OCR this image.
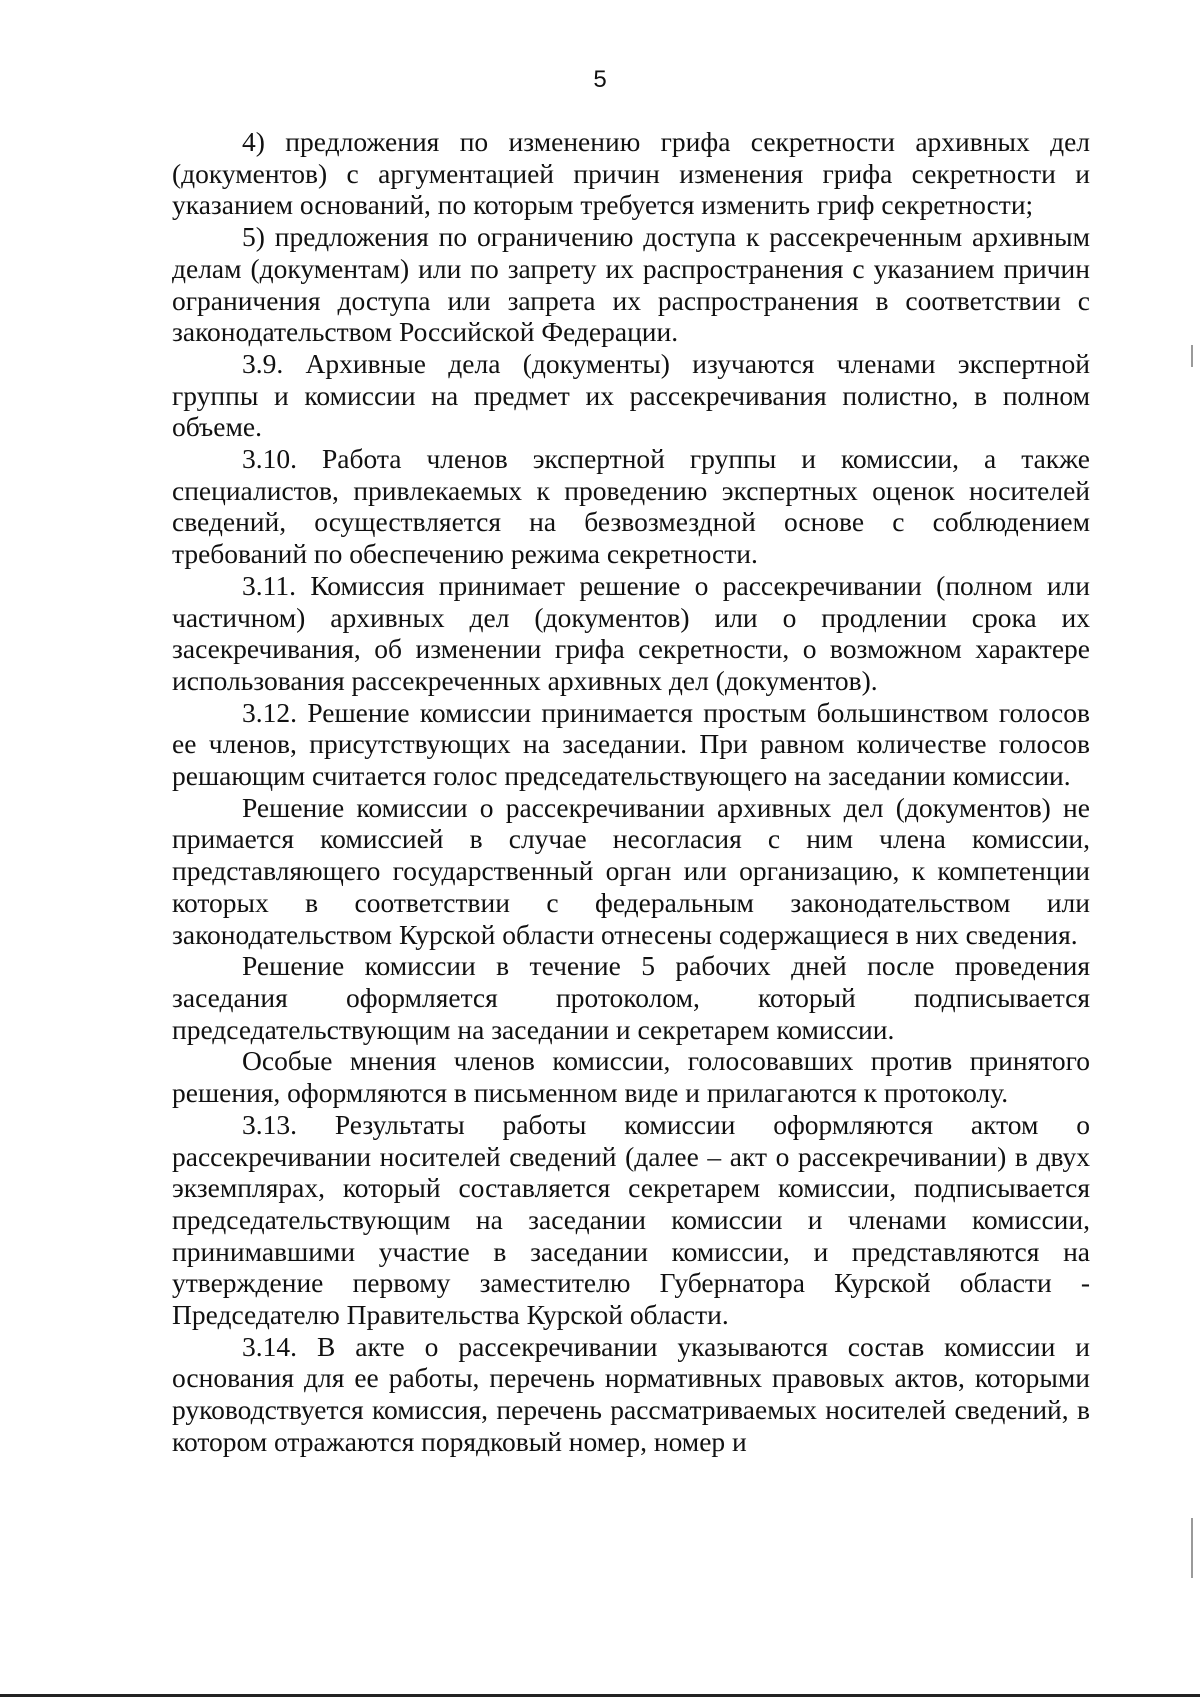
5

4) предложения по изменению грифа секретности архивных дел (документов) с аргументацией причин изменения грифа секретности и указанием оснований, по которым требуется изменить гриф секретности;

5) предложения по ограничению доступа к рассекреченным архивным делам (документам) или по запрету их распространения с указанием причин ограничения доступа или запрета их распространения в соответствии с законодательством Российской Федерации.

3.9. Архивные дела (документы) изучаются членами экспертной группы и комиссии на предмет их рассекречивания полистно, в полном объеме.

3.10. Работа членов экспертной группы и комиссии, а также специалистов, привлекаемых к проведению экспертных оценок носителей сведений, осуществляется на безвозмездной основе с соблюдением требований по обеспечению режима секретности.

3.11. Комиссия принимает решение о рассекречивании (полном или частичном) архивных дел (документов) или о продлении срока их засекречивания, об изменении грифа секретности, о возможном характере использования рассекреченных архивных дел (документов).

3.12. Решение комиссии принимается простым большинством голосов ее членов, присутствующих на заседании. При равном количестве голосов решающим считается голос председательствующего на заседании комиссии.

Решение комиссии о рассекречивании архивных дел (документов) не примается комиссией в случае несогласия с ним члена комиссии, представляющего государственный орган или организацию, к компетенции которых в соответствии с федеральным законодательством или законодательством Курской области отнесены содержащиеся в них сведения.

Решение комиссии в течение 5 рабочих дней после проведения заседания оформляется протоколом, который подписывается председательствующим на заседании и секретарем комиссии.

Особые мнения членов комиссии, голосовавших против принятого решения, оформляются в письменном виде и прилагаются к протоколу.

3.13. Результаты работы комиссии оформляются актом о рассекречивании носителей сведений (далее – акт о рассекречивании) в двух экземплярах, который составляется секретарем комиссии, подписывается председательствующим на заседании комиссии и членами комиссии, принимавшими участие в заседании комиссии, и представляются на утверждение первому заместителю Губернатора Курской области - Председателю Правительства Курской области.

3.14. В акте о рассекречивании указываются состав комиссии и основания для ее работы, перечень нормативных правовых актов, которыми руководствуется комиссия, перечень рассматриваемых носителей сведений, в котором отражаются порядковый номер, номер и
